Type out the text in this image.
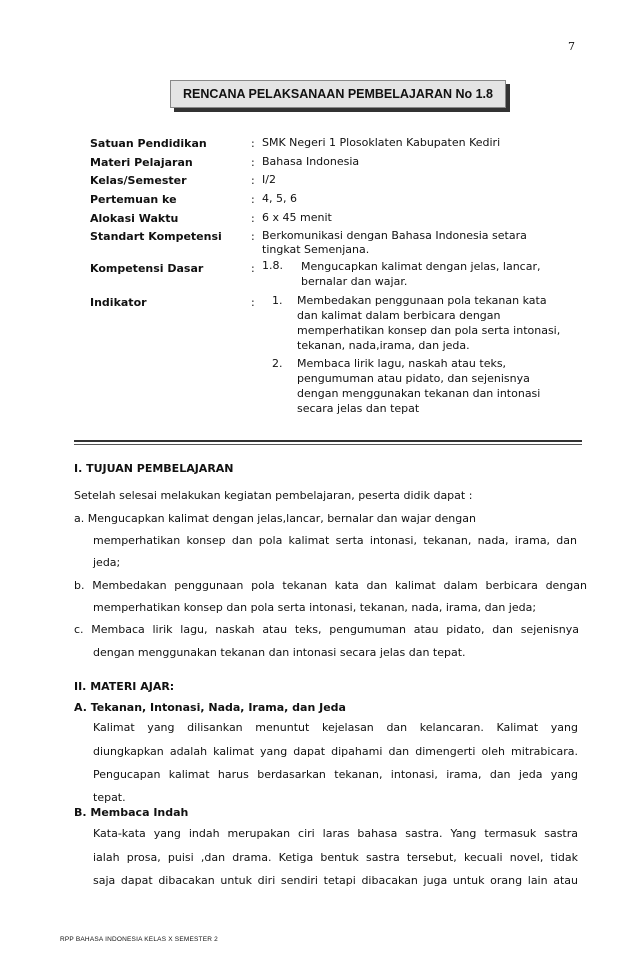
7
RENCANA PELAKSANAAN PEMBELAJARAN No 1.8
Satuan Pendidikan	: SMK Negeri 1 Plosoklaten Kabupaten Kediri
Materi Pelajaran	: Bahasa Indonesia
Kelas/Semester	: I/2
Pertemuan ke	: 4, 5, 6
Alokasi Waktu	: 6 x 45 menit
Standart Kompetensi	: Berkomunikasi dengan Bahasa Indonesia setara
tingkat Semenjana.
Kompetensi Dasar	: 1.8. Mengucapkan kalimat dengan jelas, lancar,
bernalar dan wajar.
Indikator	: 1. Membedakan penggunaan pola tekanan kata
dan kalimat dalam berbicara dengan
memperhatikan konsep dan pola serta intonasi,
tekanan, nada,irama, dan jeda.
2. Membaca lirik lagu, naskah atau teks,
pengumuman atau pidato, dan sejenisnya
dengan menggunakan tekanan dan intonasi
secara jelas dan tepat
I. TUJUAN PEMBELAJARAN
Setelah selesai melakukan kegiatan pembelajaran, peserta didik dapat :
a. Mengucapkan kalimat dengan jelas,lancar, bernalar dan wajar dengan
memperhatikan konsep dan pola kalimat serta intonasi, tekanan, nada, irama, dan
jeda;
b. Membedakan penggunaan pola tekanan kata dan kalimat dalam berbicara dengan
memperhatikan konsep dan pola serta intonasi, tekanan, nada, irama, dan jeda;
c. Membaca lirik lagu, naskah atau teks, pengumuman atau pidato, dan sejenisnya
dengan menggunakan tekanan dan intonasi secara jelas dan tepat.
II. MATERI AJAR:
A. Tekanan, Intonasi, Nada, Irama, dan Jeda
Kalimat yang dilisankan menuntut kejelasan dan kelancaran. Kalimat yang
diungkapkan adalah kalimat yang dapat dipahami dan dimengerti oleh mitrabicara.
Pengucapan kalimat harus berdasarkan tekanan, intonasi, irama, dan jeda yang
tepat.
B. Membaca Indah
Kata-kata yang indah merupakan ciri laras bahasa sastra. Yang termasuk sastra
ialah prosa, puisi ,dan drama. Ketiga bentuk sastra tersebut, kecuali novel, tidak
saja dapat dibacakan untuk diri sendiri tetapi dibacakan juga untuk orang lain atau
RPP BAHASA INDONESIA KELAS X SEMESTER 2
